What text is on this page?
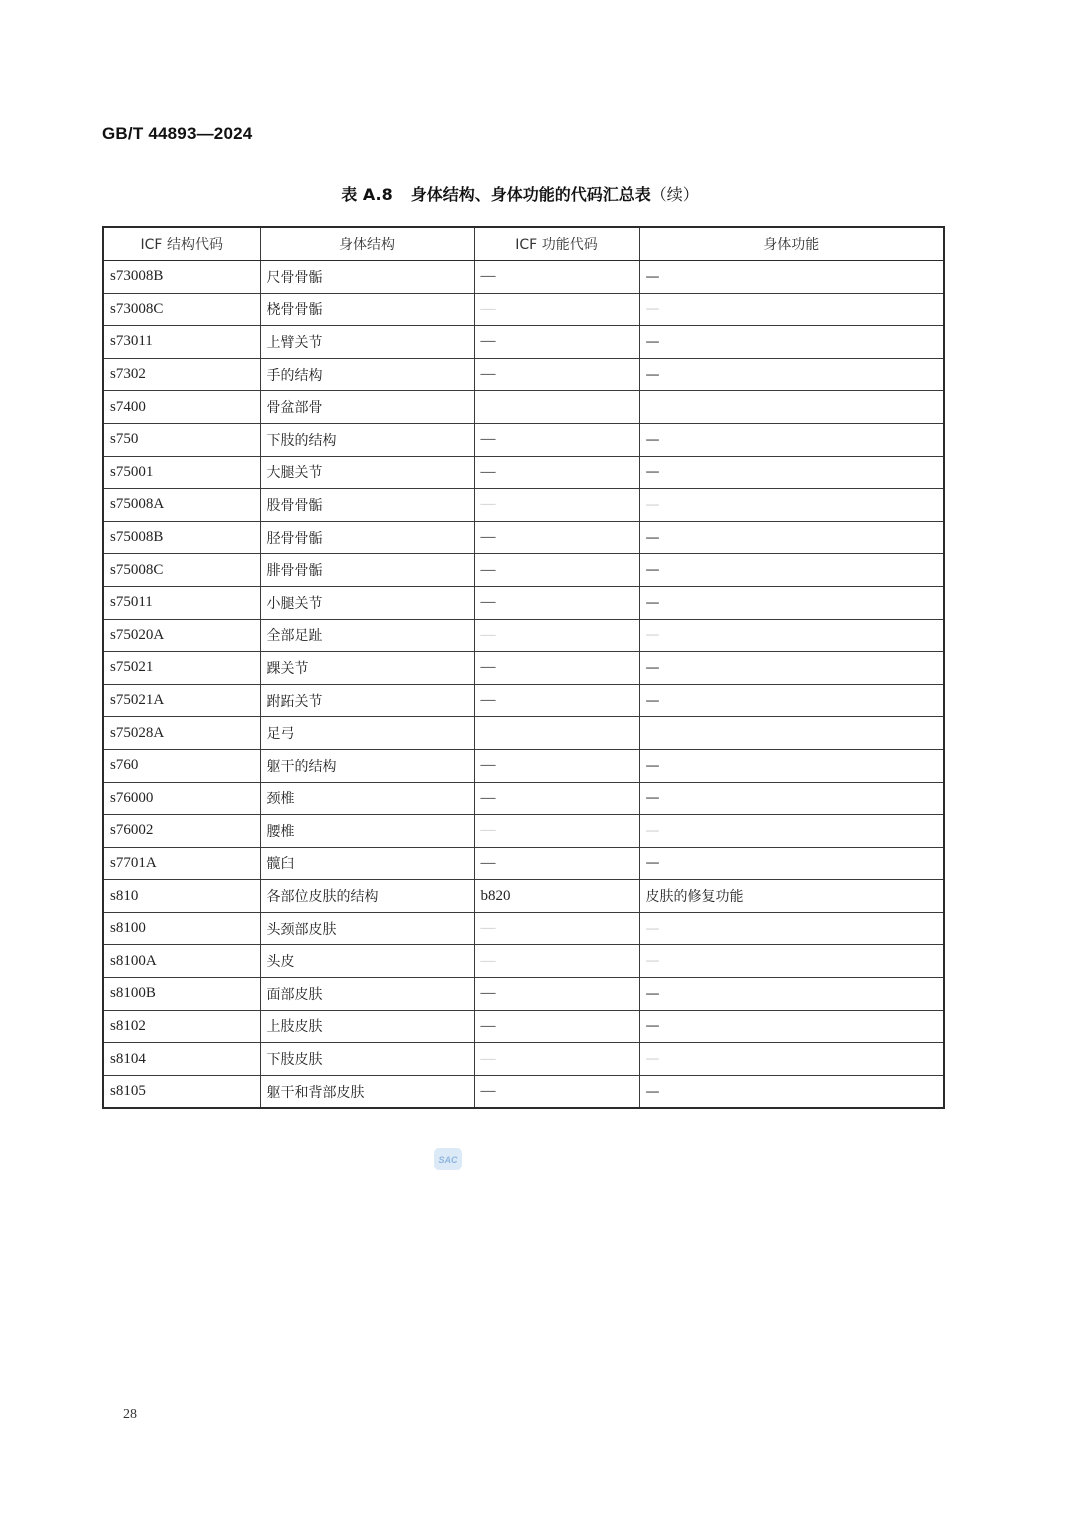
GB/T 44893—2024
表 A.8 身体结构、身体功能的代码汇总表（续）
ICF 结构代码	身体结构	ICF 功能代码	身体功能
s73008B	尺骨骨骺	—	—
s73008C	桡骨骨骺	—	—
s73011	上臂关节	—	—
s7302	手的结构	—	—
s7400	骨盆部骨		
s750	下肢的结构	—	—
s75001	大腿关节	—	—
s75008A	股骨骨骺	—	—
s75008B	胫骨骨骺	—	—
s75008C	腓骨骨骺	—	—
s75011	小腿关节	—	—
s75020A	全部足趾	—	—
s75021	踝关节	—	—
s75021A	跗跖关节	—	—
s75028A	足弓		
s760	躯干的结构	—	—
s76000	颈椎	—	—
s76002	腰椎	—	—
s7701A	髋臼	—	—
s810	各部位皮肤的结构	b820	皮肤的修复功能
s8100	头颈部皮肤	—	—
s8100A	头皮	—	—
s8100B	面部皮肤	—	—
s8102	上肢皮肤	—	—
s8104	下肢皮肤	—	—
s8105	躯干和背部皮肤	—	—
SAC
28
